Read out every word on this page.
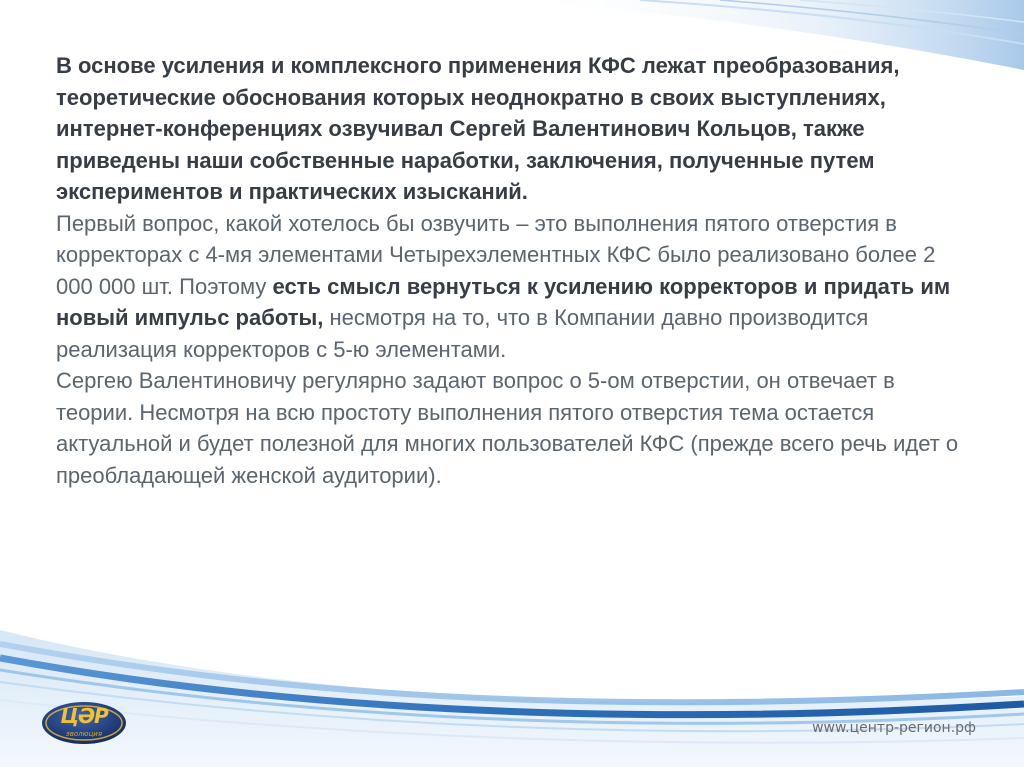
В основе усиления и комплексного применения КФС лежат преобразования, теоретические обоснования которых неоднократно в своих выступлениях, интернет-конференциях озвучивал Сергей Валентинович Кольцов, также приведены наши собственные наработки, заключения, полученные путем экспериментов и практических изысканий.

Первый вопрос, какой хотелось бы озвучить – это выполнения пятого отверстия в корректорах с 4-мя элементами Четырехэлементных КФС было реализовано более 2 000 000 шт. Поэтому есть смысл вернуться к усилению корректоров и придать им новый импульс работы, несмотря на то, что в Компании давно производится реализация корректоров с 5-ю элементами.

Сергею Валентиновичу регулярно задают вопрос о 5-ом отверстии, он отвечает в теории. Несмотря на всю простоту выполнения пятого отверстия тема остается актуальной и будет полезной для многих пользователей КФС (прежде всего речь идет о преобладающей женской аудитории).

ЦӘР
эволюция	www.центр-регион.рф
